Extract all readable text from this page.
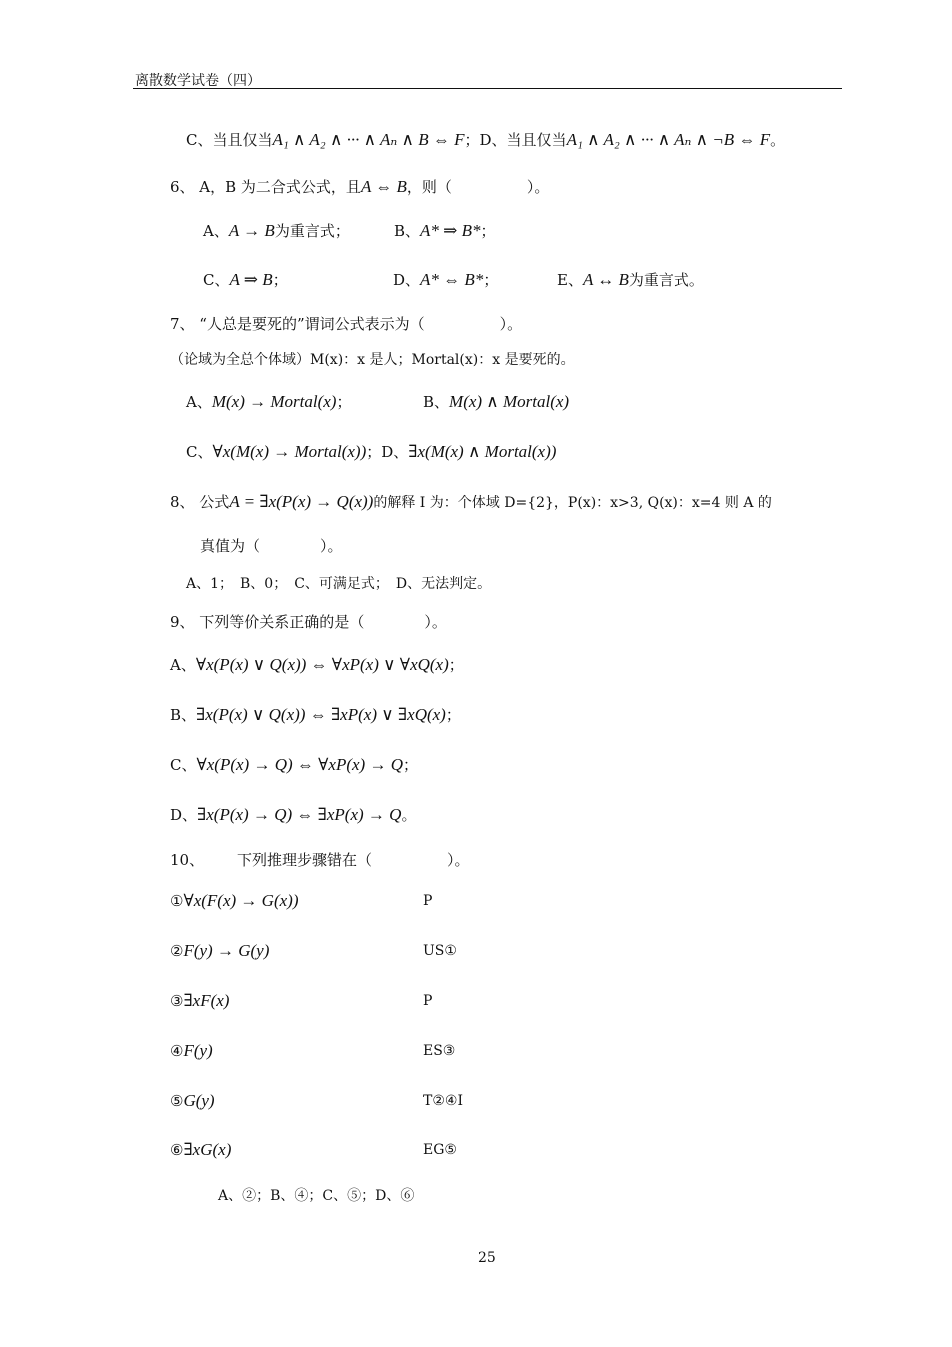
离散数学试卷（四）
C、当且仅当A₁ ∧ A₂ ∧ ··· ∧ Aₙ ∧ B ⇔ F；D、当且仅当A₁ ∧ A₂ ∧ ··· ∧ Aₙ ∧ ¬B ⇔ F。
6、 A，B 为二合式公式，且A ⇔ B，则（　　　　　）。
A、A → B为重言式；	B、A* ⇒ B*；
C、A ⇒ B；	D、A* ⇔ B*；	E、A ↔ B为重言式。
7、 “人总是要死的”谓词公式表示为（　　　　　）。
（论域为全总个体域）M(x)：x 是人；Mortal(x)：x 是要死的。
A、M(x) → Mortal(x)；	B、M(x) ∧ Mortal(x)
C、∀x(M(x) → Mortal(x))；D、∃x(M(x) ∧ Mortal(x))
8、 公式A = ∃x(P(x) → Q(x))的解释 I 为：个体域 D={2}，P(x)：x>3, Q(x)：x=4 则 A 的
真值为（　　　　）。
A、1；　B、0；　C、可满足式；　D、无法判定。
9、 下列等价关系正确的是（　　　　）。
A、∀x(P(x) ∨ Q(x)) ⇔ ∀xP(x) ∨ ∀xQ(x)；
B、∃x(P(x) ∨ Q(x)) ⇔ ∃xP(x) ∨ ∃xQ(x)；
C、∀x(P(x) → Q) ⇔ ∀xP(x) → Q；
D、∃x(P(x) → Q) ⇔ ∃xP(x) → Q。
10、 下列推理步骤错在（　　　　　）。
①∀x(F(x) → G(x))	P
②F(y) → G(y)	US①
③∃xF(x)	P
④F(y)	ES③
⑤G(y)	T②④I
⑥∃xG(x)	EG⑤
A、②；B、④；C、⑤；D、⑥
25
